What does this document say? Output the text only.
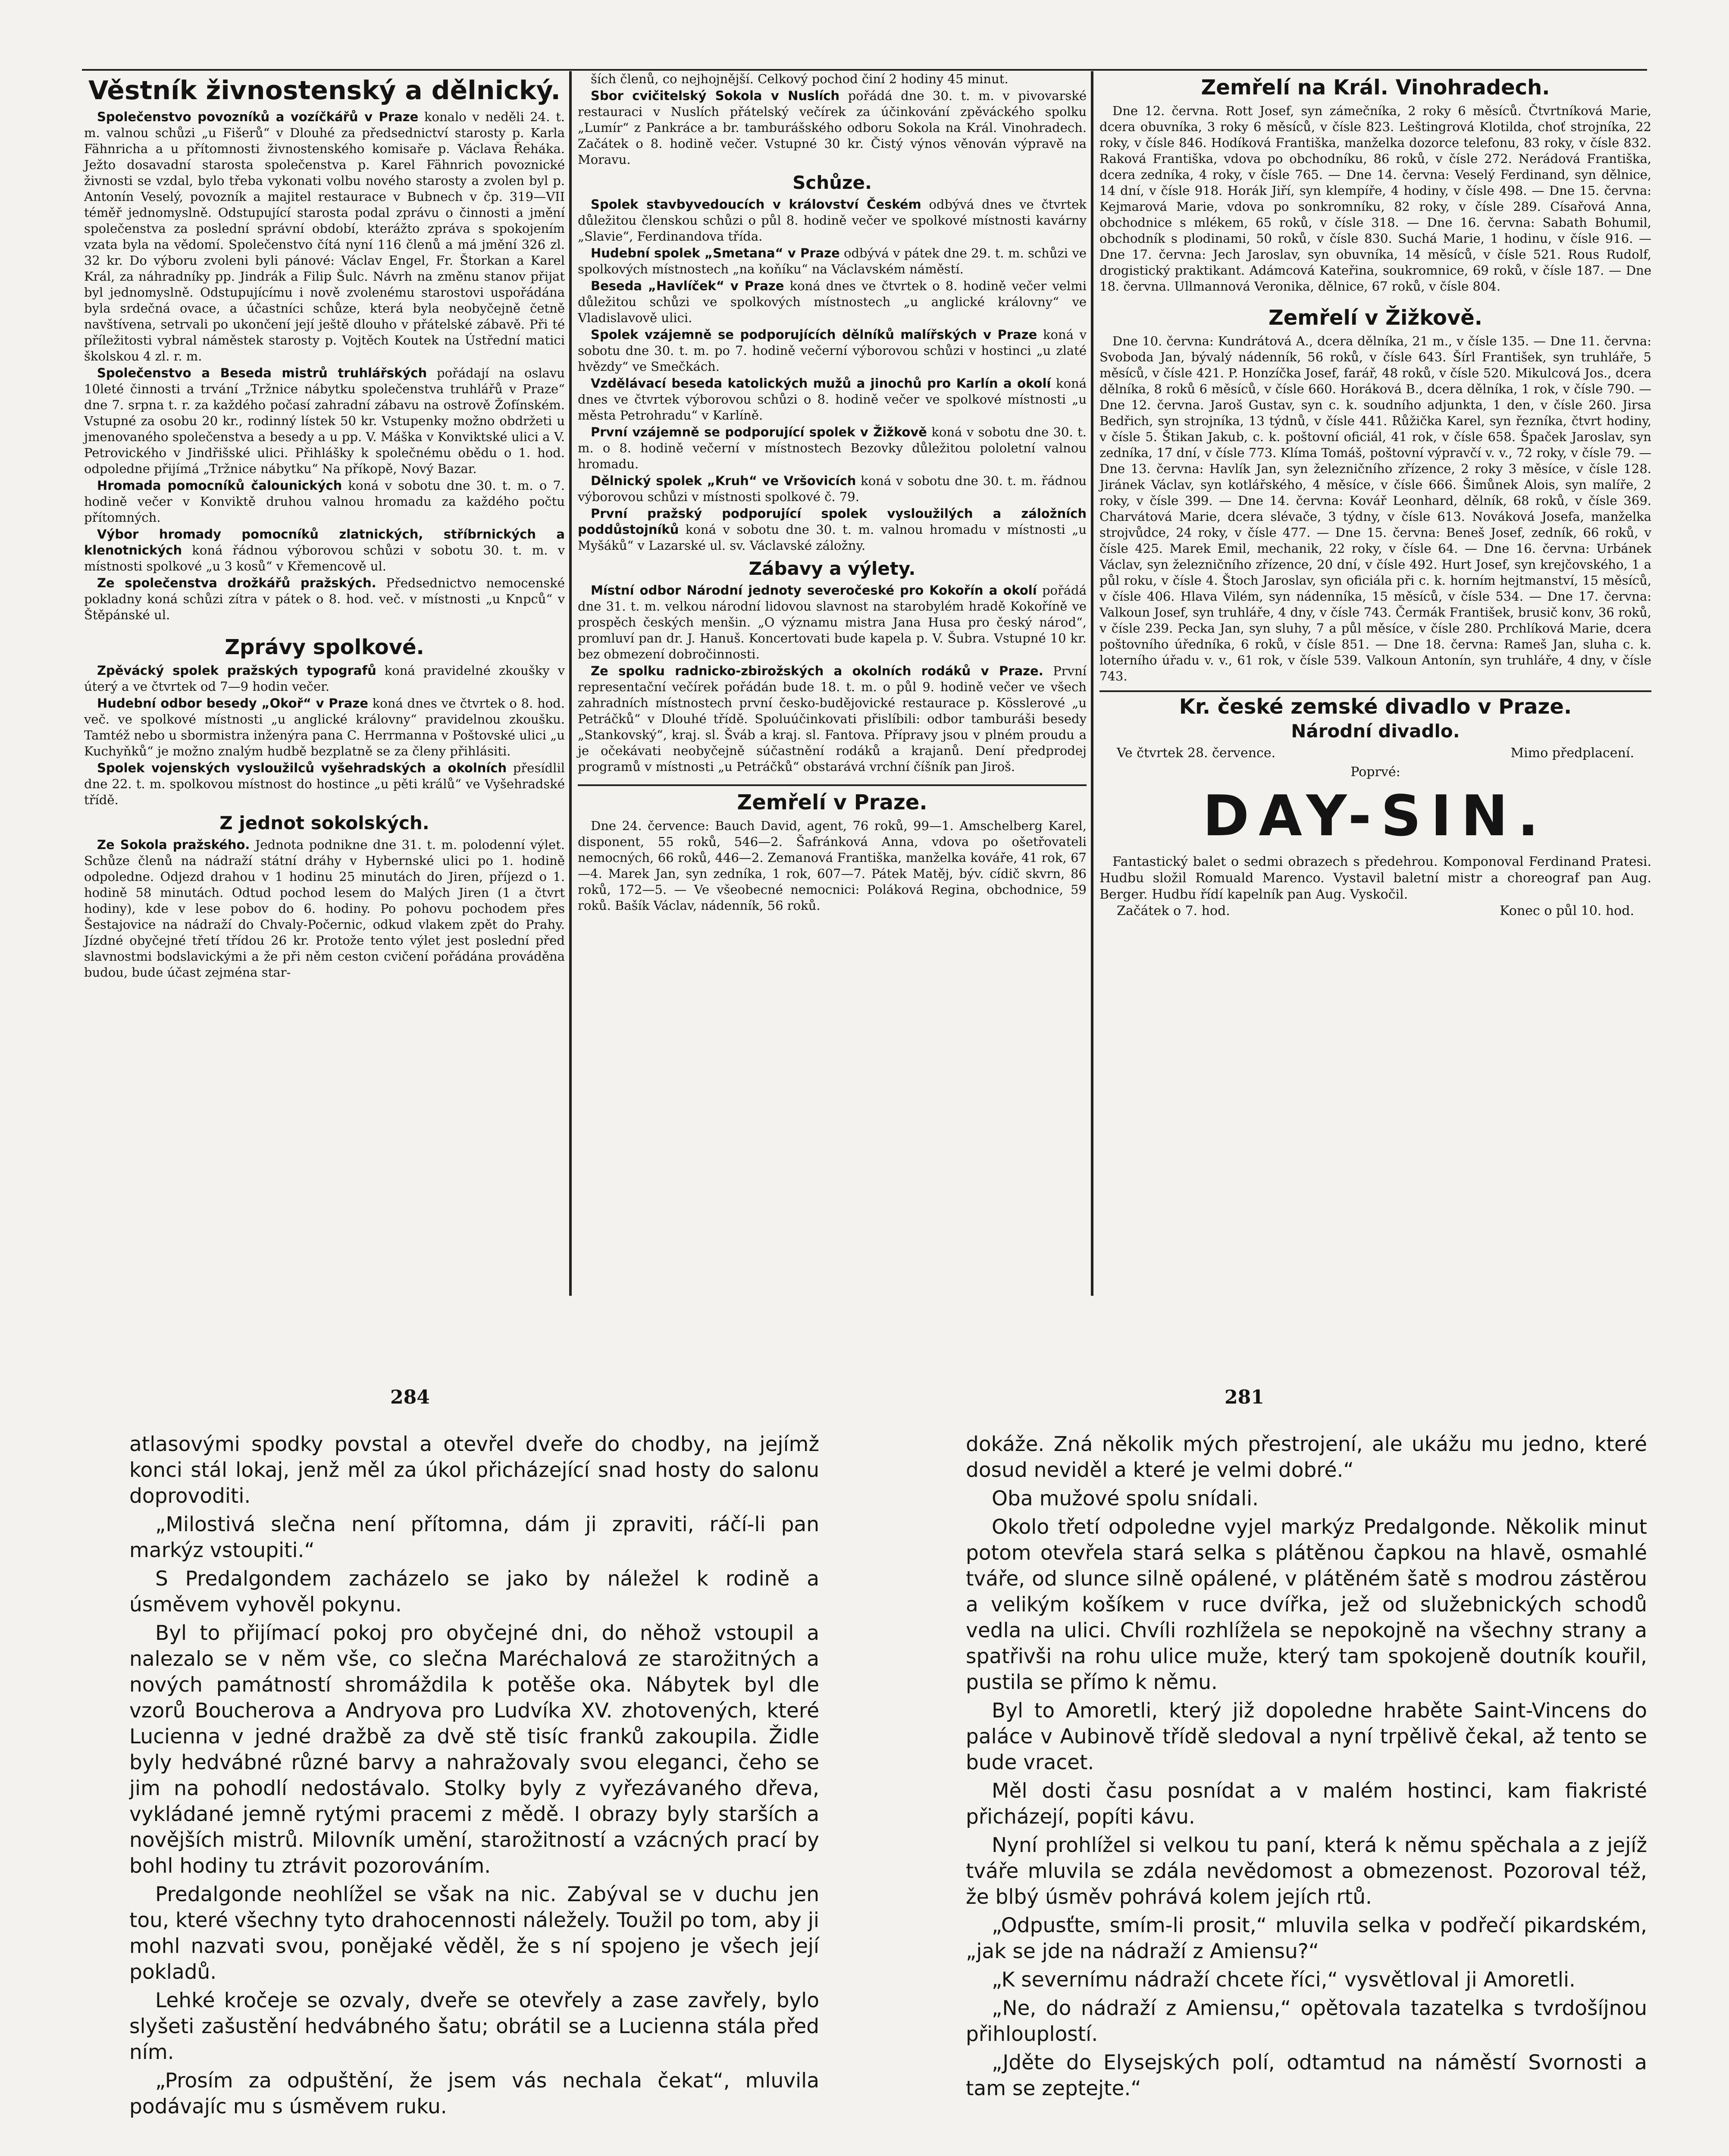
Věstník živnostenský a dělnický.

Společenstvo povozníků a vozíčkářů v Praze konalo v neděli 24. t. m. valnou schůzi „u Fišerů“ v Dlouhé za předsednictví starosty p. Karla Fähnricha a u přítomnosti živnostenského komisaře p. Václava Řeháka. Ježto dosavadní starosta společenstva p. Karel Fähnrich povoznické živnosti se vzdal, bylo třeba vykonati volbu nového starosty a zvolen byl p. Antonín Veselý, povozník a majitel restaurace v Bubnech v čp. 319—VII téměř jednomyslně. Odstupující starosta podal zprávu o činnosti a jmění společenstva za poslední správní období, kterážto zpráva s spokojením vzata byla na vědomí. Společenstvo čítá nyní 116 členů a má jmění 326 zl. 32 kr. Do výboru zvoleni byli pánové: Václav Engel, Fr. Štorkan a Karel Král, za náhradníky pp. Jindrák a Filip Šulc. Návrh na změnu stanov přijat byl jednomyslně. Odstupujícímu i nově zvolenému starostovi uspořádána byla srdečná ovace, a účastníci schůze, která byla neobyčejně četně navštívena, setrvali po ukončení její ještě dlouho v přátelské zábavě. Při té příležitosti vybral náměstek starosty p. Vojtěch Koutek na Ústřední matici školskou 4 zl. r. m.

Společenstvo a Beseda mistrů truhlářských pořádají na oslavu 10leté činnosti a trvání „Tržnice nábytku společenstva truhlářů v Praze“ dne 7. srpna t. r. za každého počasí zahradní zábavu na ostrově Žofínském. Vstupné za osobu 20 kr., rodinný lístek 50 kr. Vstupenky možno obdržeti u jmenovaného společenstva a besedy a u pp. V. Máška v Konviktské ulici a V. Petrovického v Jindřišské ulici. Přihlášky k společnému obědu o 1. hod. odpoledne přijímá „Tržnice nábytku“ Na příkopě, Nový Bazar.

Hromada pomocníků čalounických koná v sobotu dne 30. t. m. o 7. hodině večer v Konviktě druhou valnou hromadu za každého počtu přítomných.

Výbor hromady pomocníků zlatnických, stříbrnických a klenotnických koná řádnou výborovou schůzi v sobotu 30. t. m. v místnosti spolkové „u 3 kosů“ v Křemencově ul.

Ze společenstva drožkářů pražských. Předsednictvo nemocenské pokladny koná schůzi zítra v pátek o 8. hod. več. v místnosti „u Knpců“ v Štěpánské ul.

Zprávy spolkové.

Zpěvácký spolek pražských typografů koná pravidelné zkoušky v úterý a ve čtvrtek od 7—9 hodin večer.

Hudební odbor besedy „Okoř“ v Praze koná dnes ve čtvrtek o 8. hod. več. ve spolkové místnosti „u anglické královny“ pravidelnou zkoušku. Tamtéž nebo u sbormistra inženýra pana C. Herrmanna v Poštovské ulici „u Kuchyňků“ je možno znalým hudbě bezplatně se za členy přihlásiti.

Spolek vojenských vysloužilců vyšehradských a okolních přesídlil dne 22. t. m. spolkovou místnost do hostince „u pěti králů“ ve Vyšehradské třídě.

Z jednot sokolských.

Ze Sokola pražského. Jednota podnikne dne 31. t. m. polodenní výlet. Schůze členů na nádraží státní dráhy v Hybernské ulici po 1. hodině odpoledne. Odjezd drahou v 1 hodinu 25 minutách do Jiren, příjezd o 1. hodině 58 minutách. Odtud pochod lesem do Malých Jiren (1 a čtvrt hodiny), kde v lese pobov do 6. hodiny. Po pohovu pochodem přes Šestajovice na nádraží do Chvaly-Počernic, odkud vlakem zpět do Prahy. Jízdné obyčejné třetí třídou 26 kr. Protože tento výlet jest poslední před slavnostmi bodslavickými a že při něm ceston cvičení pořádána prováděna budou, bude účast zejména star-

ších členů, co nejhojnější. Celkový pochod činí 2 hodiny 45 minut.

Sbor cvičitelský Sokola v Nuslích pořádá dne 30. t. m. v pivovarské restauraci v Nuslích přátelský večírek za účinkování zpěváckého spolku „Lumír“ z Pankráce a br. tamburášského odboru Sokola na Král. Vinohradech. Začátek o 8. hodině večer. Vstupné 30 kr. Čistý výnos věnován výpravě na Moravu.

Schůze.

Spolek stavbyvedoucích v království Českém odbývá dnes ve čtvrtek důležitou členskou schůzi o půl 8. hodině večer ve spolkové místnosti kavárny „Slavie“, Ferdinandova třída.

Hudební spolek „Smetana“ v Praze odbývá v pátek dne 29. t. m. schůzi ve spolkových místnostech „na koňíku“ na Václavském náměstí.

Beseda „Havlíček“ v Praze koná dnes ve čtvrtek o 8. hodině večer velmi důležitou schůzi ve spolkových místnostech „u anglické královny“ ve Vladislavově ulici.

Spolek vzájemně se podporujících dělníků malířských v Praze koná v sobotu dne 30. t. m. po 7. hodině večerní výborovou schůzi v hostinci „u zlaté hvězdy“ ve Smečkách.

Vzdělávací beseda katolických mužů a jinochů pro Karlín a okolí koná dnes ve čtvrtek výborovou schůzi o 8. hodině večer ve spolkové místnosti „u města Petrohradu“ v Karlíně.

První vzájemně se podporující spolek v Žižkově koná v sobotu dne 30. t. m. o 8. hodině večerní v místnostech Bezovky důležitou pololetní valnou hromadu.

Dělnický spolek „Kruh“ ve Vršovicích koná v sobotu dne 30. t. m. řádnou výborovou schůzi v místnosti spolkové č. 79.

První pražský podporující spolek vysloužilých a záložních poddůstojníků koná v sobotu dne 30. t. m. valnou hromadu v místnosti „u Myšáků“ v Lazarské ul. sv. Václavské záložny.

Zábavy a výlety.

Místní odbor Národní jednoty severočeské pro Kokořín a okolí pořádá dne 31. t. m. velkou národní lidovou slavnost na starobylém hradě Kokoříně ve prospěch českých menšin. „O významu mistra Jana Husa pro český národ“, promluví pan dr. J. Hanuš. Koncertovati bude kapela p. V. Šubra. Vstupné 10 kr. bez obmezení dobročinnosti.

Ze spolku radnicko-zbirožských a okolních rodáků v Praze. První representační večírek pořádán bude 18. t. m. o půl 9. hodině večer ve všech zahradních místnostech první česko-budějovické restaurace p. Kösslerové „u Petráčků“ v Dlouhé třídě. Spoluúčinkovati přislíbili: odbor tamburáši besedy „Stankovský“, kraj. sl. Šváb a kraj. sl. Fantova. Přípravy jsou v plném proudu a je očekávati neobyčejně súčastnění rodáků a krajanů. Dení předprodej programů v místnosti „u Petráčků“ obstarává vrchní číšník pan Jiroš.

Zemřelí v Praze.

Dne 24. července: Bauch David, agent, 76 roků, 99—1. Amschelberg Karel, disponent, 55 roků, 546—2. Šafránková Anna, vdova po ošetřovateli nemocných, 66 roků, 446—2. Zemanová Františka, manželka kováře, 41 rok, 67—4. Marek Jan, syn zedníka, 1 rok, 607—7. Pátek Matěj, býv. cídič skvrn, 86 roků, 172—5. — Ve všeobecné nemocnici: Poláková Regina, obchodnice, 59 roků. Bašík Václav, nádenník, 56 roků.

Zemřelí na Král. Vinohradech.

Dne 12. června. Rott Josef, syn zámečníka, 2 roky 6 měsíců. Čtvrtníková Marie, dcera obuvníka, 3 roky 6 měsíců, v čísle 823. Leštingrová Klotilda, choť strojníka, 22 roky, v čísle 846. Hodíková Františka, manželka dozorce telefonu, 83 roky, v čísle 832. Raková Františka, vdova po obchodníku, 86 roků, v čísle 272. Nerádová Františka, dcera zedníka, 4 roky, v čísle 765. — Dne 14. června: Veselý Ferdinand, syn dělnice, 14 dní, v čísle 918. Horák Jiří, syn klempíře, 4 hodiny, v čísle 498. — Dne 15. června: Kejmarová Marie, vdova po sonkromníku, 82 roky, v čísle 289. Císařová Anna, obchodnice s mlékem, 65 roků, v čísle 318. — Dne 16. června: Sabath Bohumil, obchodník s plodinami, 50 roků, v čísle 830. Suchá Marie, 1 hodinu, v čísle 916. — Dne 17. června: Jech Jaroslav, syn obuvníka, 14 měsíců, v čísle 521. Rous Rudolf, drogistický praktikant. Adámcová Kateřina, soukromnice, 69 roků, v čísle 187. — Dne 18. června. Ullmannová Veronika, dělnice, 67 roků, v čísle 804.

Zemřelí v Žižkově.

Dne 10. června: Kundrátová A., dcera dělníka, 21 m., v čísle 135. — Dne 11. června: Svoboda Jan, bývalý nádenník, 56 roků, v čísle 643. Šírl František, syn truhláře, 5 měsíců, v čísle 421. P. Honzíčka Josef, farář, 48 roků, v čísle 520. Mikulcová Jos., dcera dělníka, 8 roků 6 měsíců, v čísle 660. Horáková B., dcera dělníka, 1 rok, v čísle 790. — Dne 12. června. Jaroš Gustav, syn c. k. soudního adjunkta, 1 den, v čísle 260. Jirsa Bedřich, syn strojníka, 13 týdnů, v čísle 441. Růžička Karel, syn řezníka, čtvrt hodiny, v čísle 5. Štikan Jakub, c. k. poštovní oficiál, 41 rok, v čísle 658. Špaček Jaroslav, syn zedníka, 17 dní, v čísle 773. Klíma Tomáš, poštovní výpravčí v. v., 72 roky, v čísle 79. — Dne 13. června: Havlík Jan, syn železničního zřízence, 2 roky 3 měsíce, v čísle 128. Jiránek Václav, syn kotlářského, 4 měsíce, v čísle 666. Šimůnek Alois, syn malíře, 2 roky, v čísle 399. — Dne 14. června: Kovář Leonhard, dělník, 68 roků, v čísle 369. Charvátová Marie, dcera slévače, 3 týdny, v čísle 613. Nováková Josefa, manželka strojvůdce, 24 roky, v čísle 477. — Dne 15. června: Beneš Josef, zedník, 66 roků, v čísle 425. Marek Emil, mechanik, 22 roky, v čísle 64. — Dne 16. června: Urbánek Václav, syn železničního zřízence, 20 dní, v čísle 492. Hurt Josef, syn krejčovského, 1 a půl roku, v čísle 4. Štoch Jaroslav, syn oficiála při c. k. horním hejtmanství, 15 měsíců, v čísle 406. Hlava Vilém, syn nádenníka, 15 měsíců, v čísle 534. — Dne 17. června: Valkoun Josef, syn truhláře, 4 dny, v čísle 743. Čermák František, brusič konv, 36 roků, v čísle 239. Pecka Jan, syn sluhy, 7 a půl měsíce, v čísle 280. Prchlíková Marie, dcera poštovního úředníka, 6 roků, v čísle 851. — Dne 18. června: Rameš Jan, sluha c. k. loterního úřadu v. v., 61 rok, v čísle 539. Valkoun Antonín, syn truhláře, 4 dny, v čísle 743.

Kr. české zemské divadlo v Praze.
Národní divadlo.
Ve čtvrtek 28. července.	Mimo předplacení.
Poprvé:
DAY-SIN.
Fantastický balet o sedmi obrazech s předehrou. Komponoval Ferdinand Pratesi. Hudbu složil Romuald Marenco. Vystavil baletní mistr a choreograf pan Aug. Berger. Hudbu řídí kapelník pan Aug. Vyskočil.
Začátek o 7. hod.	Konec o půl 10. hod.
284	281

atlasovými spodky povstal a otevřel dveře do chodby, na jejímž konci stál lokaj, jenž měl za úkol přicházející snad hosty do salonu doprovoditi.

„Milostivá slečna není přítomna, dám ji zpraviti, ráčí-li pan markýz vstoupiti.“

S Predalgondem zacházelo se jako by náležel k rodině a úsměvem vyhověl pokynu.

Byl to přijímací pokoj pro obyčejné dni, do něhož vstoupil a nalezalo se v něm vše, co slečna Maréchalová ze starožitných a nových památností shromáždila k potěše oka. Nábytek byl dle vzorů Boucherova a Andryova pro Ludvíka XV. zhotovených, které Lucienna v jedné dražbě za dvě stě tisíc franků zakoupila. Židle byly hedvábné různé barvy a nahražovaly svou eleganci, čeho se jim na pohodlí nedostávalo. Stolky byly z vyřezávaného dřeva, vykládané jemně rytými pracemi z mědě. I obrazy byly starších a novějších mistrů. Milovník umění, starožitností a vzácných prací by bohl hodiny tu ztrávit pozorováním.

Predalgonde neohlížel se však na nic. Zabýval se v duchu jen tou, které všechny tyto drahocennosti náležely. Toužil po tom, aby ji mohl nazvati svou, ponějaké věděl, že s ní spojeno je všech její pokladů.

Lehké kročeje se ozvaly, dveře se otevřely a zase zavřely, bylo slyšeti zašustění hedvábného šatu; obrátil se a Lucienna stála před ním.

„Prosím za odpuštění, že jsem vás nechala čekat“, mluvila podávajíc mu s úsměvem ruku.

dokáže. Zná několik mých přestrojení, ale ukážu mu jedno, které dosud neviděl a které je velmi dobré.“

Oba mužové spolu snídali.

Okolo třetí odpoledne vyjel markýz Predalgonde. Několik minut potom otevřela stará selka s plátěnou čapkou na hlavě, osmahlé tváře, od slunce silně opálené, v plátěném šatě s modrou zástěrou a velikým košíkem v ruce dvířka, jež od služebnických schodů vedla na ulici. Chvíli rozhlížela se nepokojně na všechny strany a spatřivši na rohu ulice muže, který tam spokojeně doutník kouřil, pustila se přímo k němu.

Byl to Amoretli, který již dopoledne hraběte Saint-Vincens do paláce v Aubinově třídě sledoval a nyní trpělivě čekal, až tento se bude vracet.

Měl dosti času posnídat a v malém hostinci, kam fiakristé přicházejí, popíti kávu.

Nyní prohlížel si velkou tu paní, která k němu spěchala a z jejíž tváře mluvila se zdála nevědomost a obmezenost. Pozoroval též, že blbý úsměv pohrává kolem jejích rtů.

„Odpusťte, smím-li prosit,“ mluvila selka v podřečí pikardském, „jak se jde na nádraží z Amiensu?“

„K severnímu nádraží chcete říci,“ vysvětloval ji Amoretli.

„Ne, do nádraží z Amiensu,“ opětovala tazatelka s tvrdošíjnou přihlouplostí.

„Jděte do Elysejských polí, odtamtud na náměstí Svornosti a tam se zeptejte.“
